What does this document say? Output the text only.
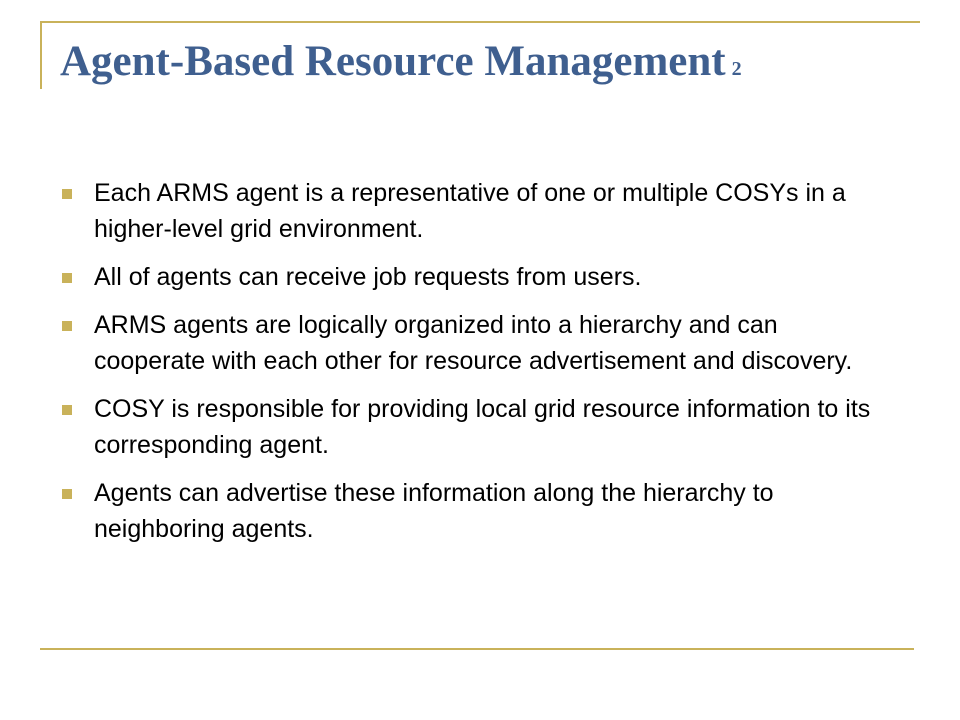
Agent-Based Resource Management 2
Each ARMS agent is a representative of one or multiple COSYs in a higher-level grid environment.
All of agents can receive job requests from users.
ARMS agents are logically organized into a hierarchy and can cooperate with each other for resource advertisement and discovery.
COSY is responsible for providing local grid resource information to its corresponding agent.
Agents can advertise these information along the hierarchy to neighboring agents.
